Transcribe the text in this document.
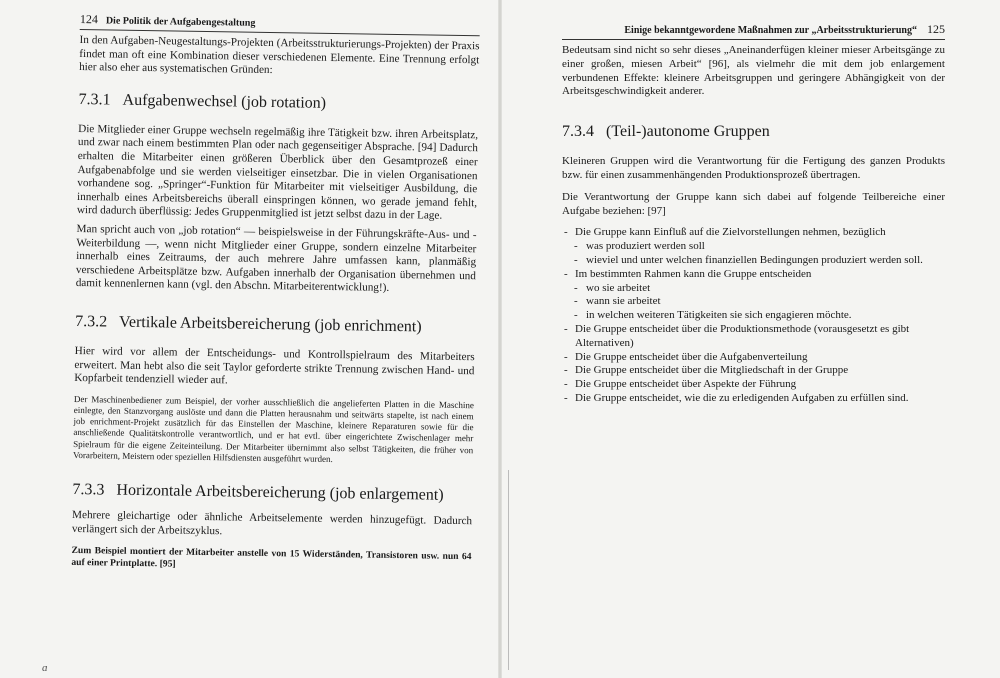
124 Die Politik der Aufgabengestaltung

In den Aufgaben-Neugestaltungs-Projekten (Arbeitsstrukturierungs-Projekten) der Praxis findet man oft eine Kombination dieser verschiedenen Elemente. Eine Trennung erfolgt hier also eher aus systematischen Gründen:

7.3.1 Aufgabenwechsel (job rotation)

Die Mitglieder einer Gruppe wechseln regelmäßig ihre Tätigkeit bzw. ihren Arbeitsplatz, und zwar nach einem bestimmten Plan oder nach gegenseitiger Absprache. [94] Dadurch erhalten die Mitarbeiter einen größeren Überblick über den Gesamtprozeß einer Aufgabenabfolge und sie werden vielseitiger einsetzbar. Die in vielen Organisationen vorhandene sog. „Springer“-Funktion für Mitarbeiter mit vielseitiger Ausbildung, die innerhalb eines Arbeitsbereichs überall einspringen können, wo gerade jemand fehlt, wird dadurch überflüssig: Jedes Gruppenmitglied ist jetzt selbst dazu in der Lage.

Man spricht auch von „job rotation“ — beispielsweise in der Führungskräfte-Aus- und -Weiterbildung —, wenn nicht Mitglieder einer Gruppe, sondern einzelne Mitarbeiter innerhalb eines Zeitraums, der auch mehrere Jahre umfassen kann, planmäßig verschiedene Arbeitsplätze bzw. Aufgaben innerhalb der Organisation übernehmen und damit kennenlernen kann (vgl. den Abschn. Mitarbeiterentwicklung!).

7.3.2 Vertikale Arbeitsbereicherung (job enrichment)

Hier wird vor allem der Entscheidungs- und Kontrollspielraum des Mitarbeiters erweitert. Man hebt also die seit Taylor geforderte strikte Trennung zwischen Hand- und Kopfarbeit tendenziell wieder auf.

Der Maschinenbediener zum Beispiel, der vorher ausschließlich die angelieferten Platten in die Maschine einlegte, den Stanzvorgang auslöste und dann die Platten herausnahm und seitwärts stapelte, ist nach einem job enrichment-Projekt zusätzlich für das Einstellen der Maschine, kleinere Reparaturen sowie für die anschließende Qualitätskontrolle verantwortlich, und er hat evtl. über eingerichtete Zwischenlager mehr Spielraum für die eigene Zeiteinteilung. Der Mitarbeiter übernimmt also selbst Tätigkeiten, die früher von Vorarbeitern, Meistern oder speziellen Hilfsdiensten ausgeführt wurden.

7.3.3 Horizontale Arbeitsbereicherung (job enlargement)

Mehrere gleichartige oder ähnliche Arbeitselemente werden hinzugefügt. Dadurch verlängert sich der Arbeitszyklus.

Zum Beispiel montiert der Mitarbeiter anstelle von 15 Widerständen, Transistoren usw. nun 64 auf einer Printplatte. [95]

ɑ
Einige bekanntgewordene Maßnahmen zur „Arbeitsstrukturierung“ 125

Bedeutsam sind nicht so sehr dieses „Aneinanderfügen kleiner mieser Arbeitsgänge zu einer großen, miesen Arbeit“ [96], als vielmehr die mit dem job enlargement verbundenen Effekte: kleinere Arbeitsgruppen und geringere Abhängigkeit von der Arbeitsgeschwindigkeit anderer.

7.3.4 (Teil-)autonome Gruppen

Kleineren Gruppen wird die Verantwortung für die Fertigung des ganzen Produkts bzw. für einen zusammenhängenden Produktionsprozeß übertragen.

Die Verantwortung der Gruppe kann sich dabei auf folgende Teilbereiche einer Aufgabe beziehen: [97]

- Die Gruppe kann Einfluß auf die Zielvorstellungen nehmen, bezüglich
- was produziert werden soll
- wieviel und unter welchen finanziellen Bedingungen produziert werden soll.
- Im bestimmten Rahmen kann die Gruppe entscheiden
- wo sie arbeitet
- wann sie arbeitet
- in welchen weiteren Tätigkeiten sie sich engagieren möchte.
- Die Gruppe entscheidet über die Produktionsmethode (vorausgesetzt es gibt Alternativen)
- Die Gruppe entscheidet über die Aufgabenverteilung
- Die Gruppe entscheidet über die Mitgliedschaft in der Gruppe
- Die Gruppe entscheidet über Aspekte der Führung
- Die Gruppe entscheidet, wie die zu erledigenden Aufgaben zu erfüllen sind.
